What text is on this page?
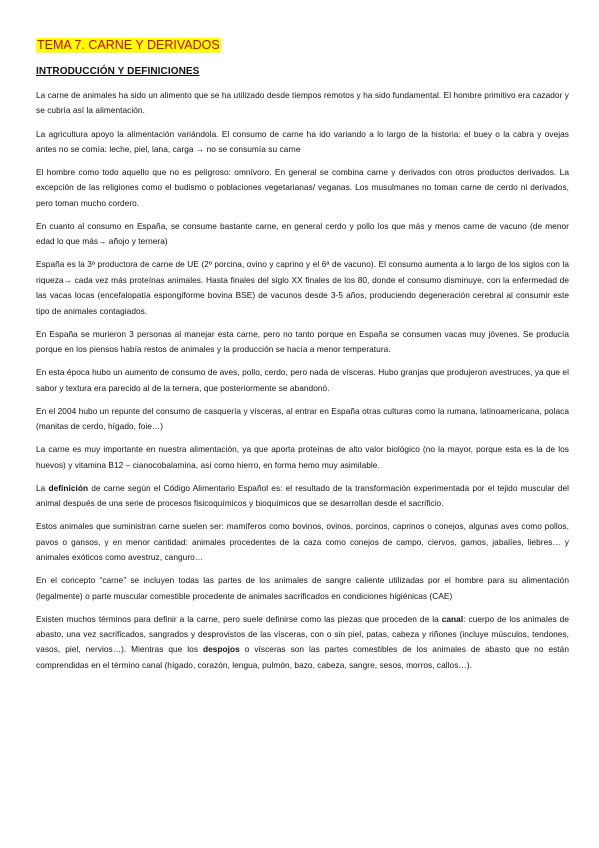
TEMA 7. CARNE Y DERIVADOS
INTRODUCCIÓN Y DEFINICIONES

La carne de animales ha sido un alimento que se ha utilizado desde tiempos remotos y ha sido fundamental. El hombre primitivo era cazador y se cubría así la alimentación.

La agricultura apoyo la alimentación variándola. El consumo de carne ha ido variando a lo largo de la historia: el buey o la cabra y ovejas antes no se comía: leche, piel, lana, carga → no se consumía su carne

El hombre como todo aquello que no es peligroso: omnívoro. En general se combina carne y derivados con otros productos derivados. La excepción de las religiones como el budismo o poblaciones vegetarianas/ veganas. Los musulmanes no toman carne de cerdo ni derivados, pero toman mucho cordero.

En cuanto al consumo en España, se consume bastante carne, en general cerdo y pollo los que más y menos carne de vacuno (de menor edad lo que más→ añojo y ternera)

España es la 3ª productora de carne de UE (2º porcina, ovino y caprino y el 6ª de vacuno). El consumo aumenta a lo largo de los siglos con la riqueza→ cada vez más proteínas animales. Hasta finales del siglo XX finales de los 80, donde el consumo disminuye, con la enfermedad de las vacas locas (encefalopatía espongiforme bovina BSE) de vacunos desde 3-5 años, produciendo degeneración cerebral al consumir este tipo de animales contagiados.

En España se murieron 3 personas al manejar esta carne, pero no tanto porque en España se consumen vacas muy jóvenes. Se producía porque en los piensos había restos de animales y la producción se hacía a menor temperatura.

En esta época hubo un aumento de consumo de aves, pollo, cerdo, pero nada de vísceras. Hubo granjas que produjeron avestruces, ya que el sabor y textura era parecido al de la ternera, que posteriormente se abandonó.

En el 2004 hubo un repunte del consumo de casquería y vísceras, al entrar en España otras culturas como la rumana, latinoamericana, polaca (manitas de cerdo, hígado, foie…)

La carne es muy importante en nuestra alimentación, ya que aporta proteínas de alto valor biológico (no la mayor, porque esta es la de los huevos) y vitamina B12 – cianocobalamina, así como hierro, en forma hemo muy asimilable.

La definición de carne según el Código Alimentario Español es: el resultado de la transformación experimentada por el tejido muscular del animal después de una serie de procesos fisicoquímicos y bioquímicos que se desarrollan desde el sacrificio.

Estos animales que suministran carne suelen ser: mamíferos como bovinos, ovinos, porcinos, caprinos o conejos, algunas aves como pollos, pavos o gansos, y en menor cantidad: animales procedentes de la caza como conejos de campo, ciervos, gamos, jabalíes, liebres… y animales exóticos como avestruz, canguro…

En el concepto “carne” se incluyen todas las partes de los animales de sangre caliente utilizadas por el hombre para su alimentación (legalmente) o parte muscular comestible procedente de animales sacrificados en condiciones higiénicas (CAE)

Existen muchos términos para definir a la carne, pero suele definirse como las piezas que proceden de la canal: cuerpo de los animales de abasto, una vez sacrificados, sangrados y desprovistos de las vísceras, con o sin piel, patas, cabeza y riñones (incluye músculos, tendones, vasos, piel, nervios…). Mientras que los despojos o vísceras son las partes comestibles de los animales de abasto que no están comprendidas en el término canal (hígado, corazón, lengua, pulmón, bazo, cabeza, sangre, sesos, morros, callos…).
